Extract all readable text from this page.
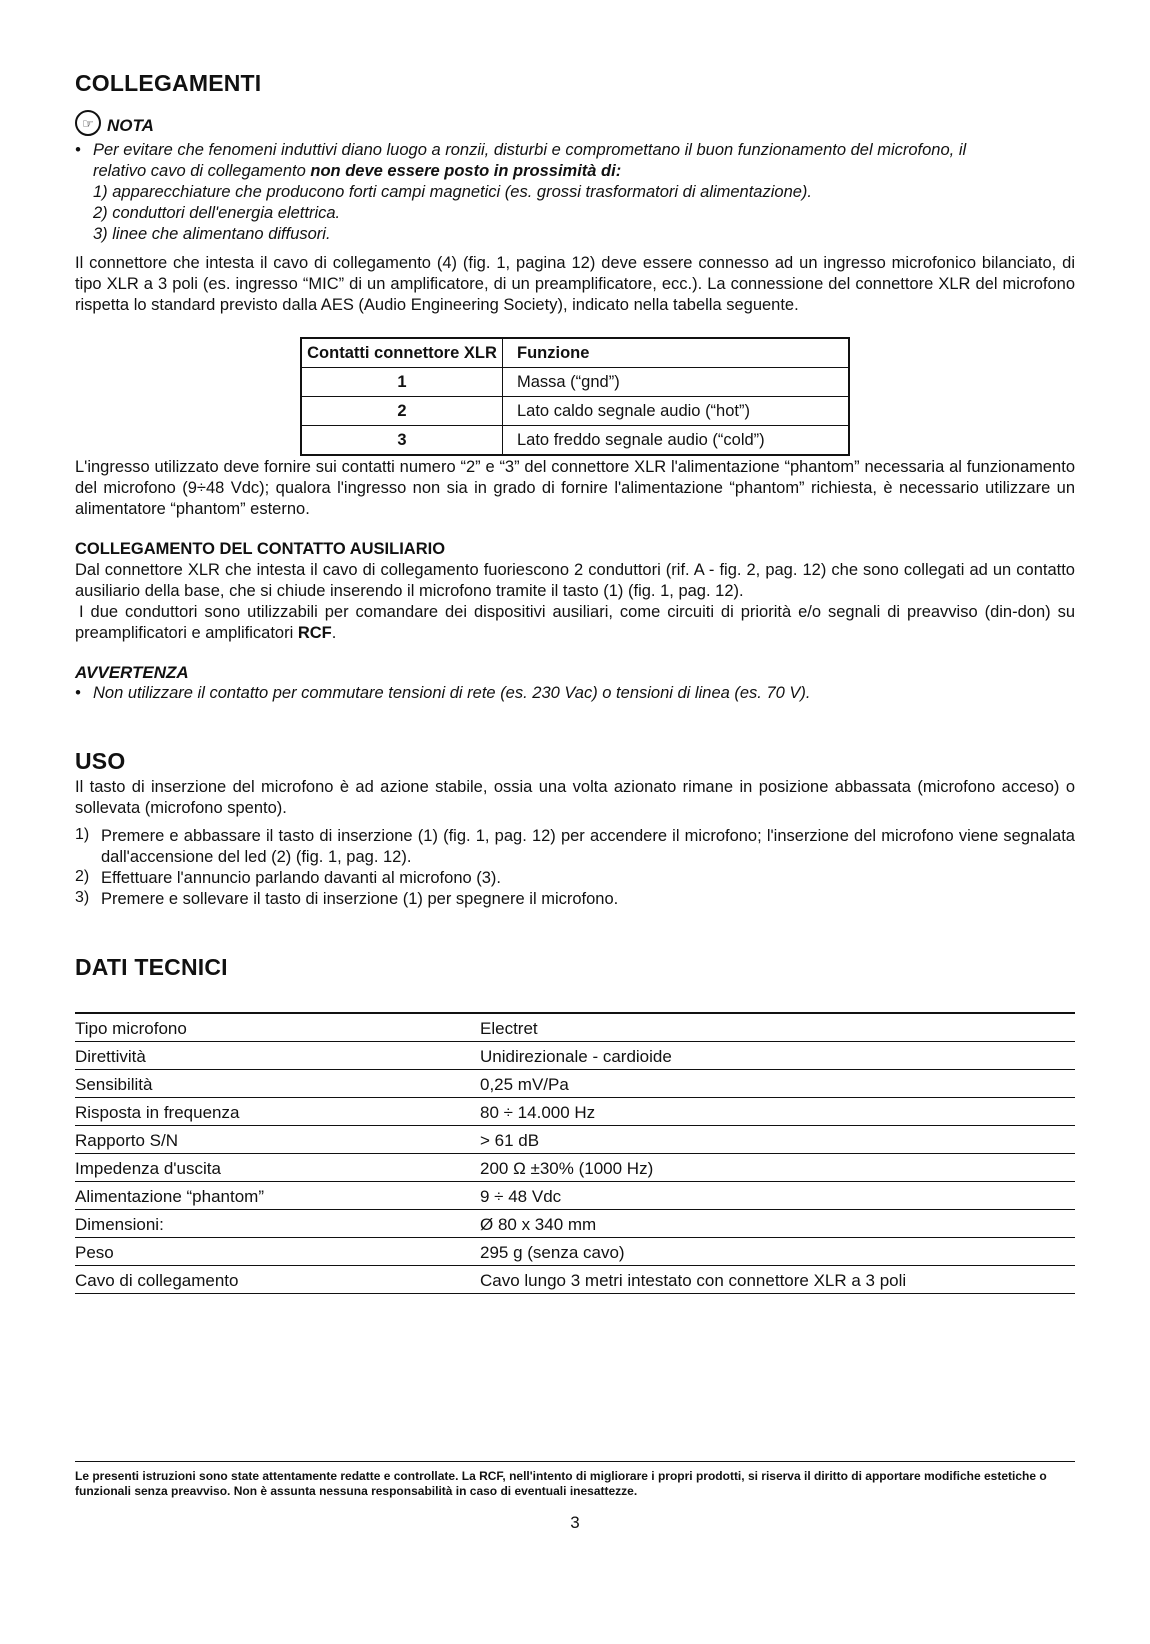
COLLEGAMENTI
☞ NOTA
• Per evitare che fenomeni induttivi diano luogo a ronzii, disturbi e compromettano il buon funzionamento del microfono, il
relativo cavo di collegamento non deve essere posto in prossimità di:
1) apparecchiature che producono forti campi magnetici (es. grossi trasformatori di alimentazione).
2) conduttori dell'energia elettrica.
3) linee che alimentano diffusori.

Il connettore che intesta il cavo di collegamento (4) (fig. 1, pagina 12) deve essere connesso ad un ingresso microfonico bilanciato, di tipo XLR a 3 poli (es. ingresso “MIC” di un amplificatore, di un preamplificatore, ecc.). La connessione del connettore XLR del microfono rispetta lo standard previsto dalla AES (Audio Engineering Society), indicato nella tabella seguente.

Contatti connettore XLR	Funzione
1	Massa (“gnd”)
2	Lato caldo segnale audio (“hot”)
3	Lato freddo segnale audio (“cold”)

L'ingresso utilizzato deve fornire sui contatti numero “2” e “3” del connettore XLR l'alimentazione “phantom” necessaria al funzionamento del microfono (9÷48 Vdc); qualora l'ingresso non sia in grado di fornire l'alimentazione “phantom” richiesta, è necessario utilizzare un alimentatore “phantom” esterno.

COLLEGAMENTO DEL CONTATTO AUSILIARIO

Dal connettore XLR che intesta il cavo di collegamento fuoriescono 2 conduttori (rif. A - fig. 2, pag. 12) che sono collegati ad un contatto ausiliario della base, che si chiude inserendo il microfono tramite il tasto (1) (fig. 1, pag. 12).

I due conduttori sono utilizzabili per comandare dei dispositivi ausiliari, come circuiti di priorità e/o segnali di preavviso (din-don) su preamplificatori e amplificatori RCF.

AVVERTENZA
• Non utilizzare il contatto per commutare tensioni di rete (es. 230 Vac) o tensioni di linea (es. 70 V).
USO

Il tasto di inserzione del microfono è ad azione stabile, ossia una volta azionato rimane in posizione abbassata (microfono acceso) o sollevata (microfono spento).

1) Premere e abbassare il tasto di inserzione (1) (fig. 1, pag. 12) per accendere il microfono; l'inserzione del microfono viene segnalata dall'accensione del led (2) (fig. 1, pag. 12).
2) Effettuare l'annuncio parlando davanti al microfono (3).
3) Premere e sollevare il tasto di inserzione (1) per spegnere il microfono.
DATI TECNICI
Tipo microfono	Electret
Direttività	Unidirezionale - cardioide
Sensibilità	0,25 mV/Pa
Risposta in frequenza	80 ÷ 14.000 Hz
Rapporto S/N	> 61 dB
Impedenza d'uscita	200 Ω ±30% (1000 Hz)
Alimentazione “phantom”	9 ÷ 48 Vdc
Dimensioni:	Ø 80 x 340 mm
Peso	295 g (senza cavo)
Cavo di collegamento	Cavo lungo 3 metri intestato con connettore XLR a 3 poli
Le presenti istruzioni sono state attentamente redatte e controllate. La RCF, nell'intento di migliorare i propri prodotti, si riserva il diritto di apportare modifiche estetiche o funzionali senza preavviso. Non è assunta nessuna responsabilità in caso di eventuali inesattezze.
3
